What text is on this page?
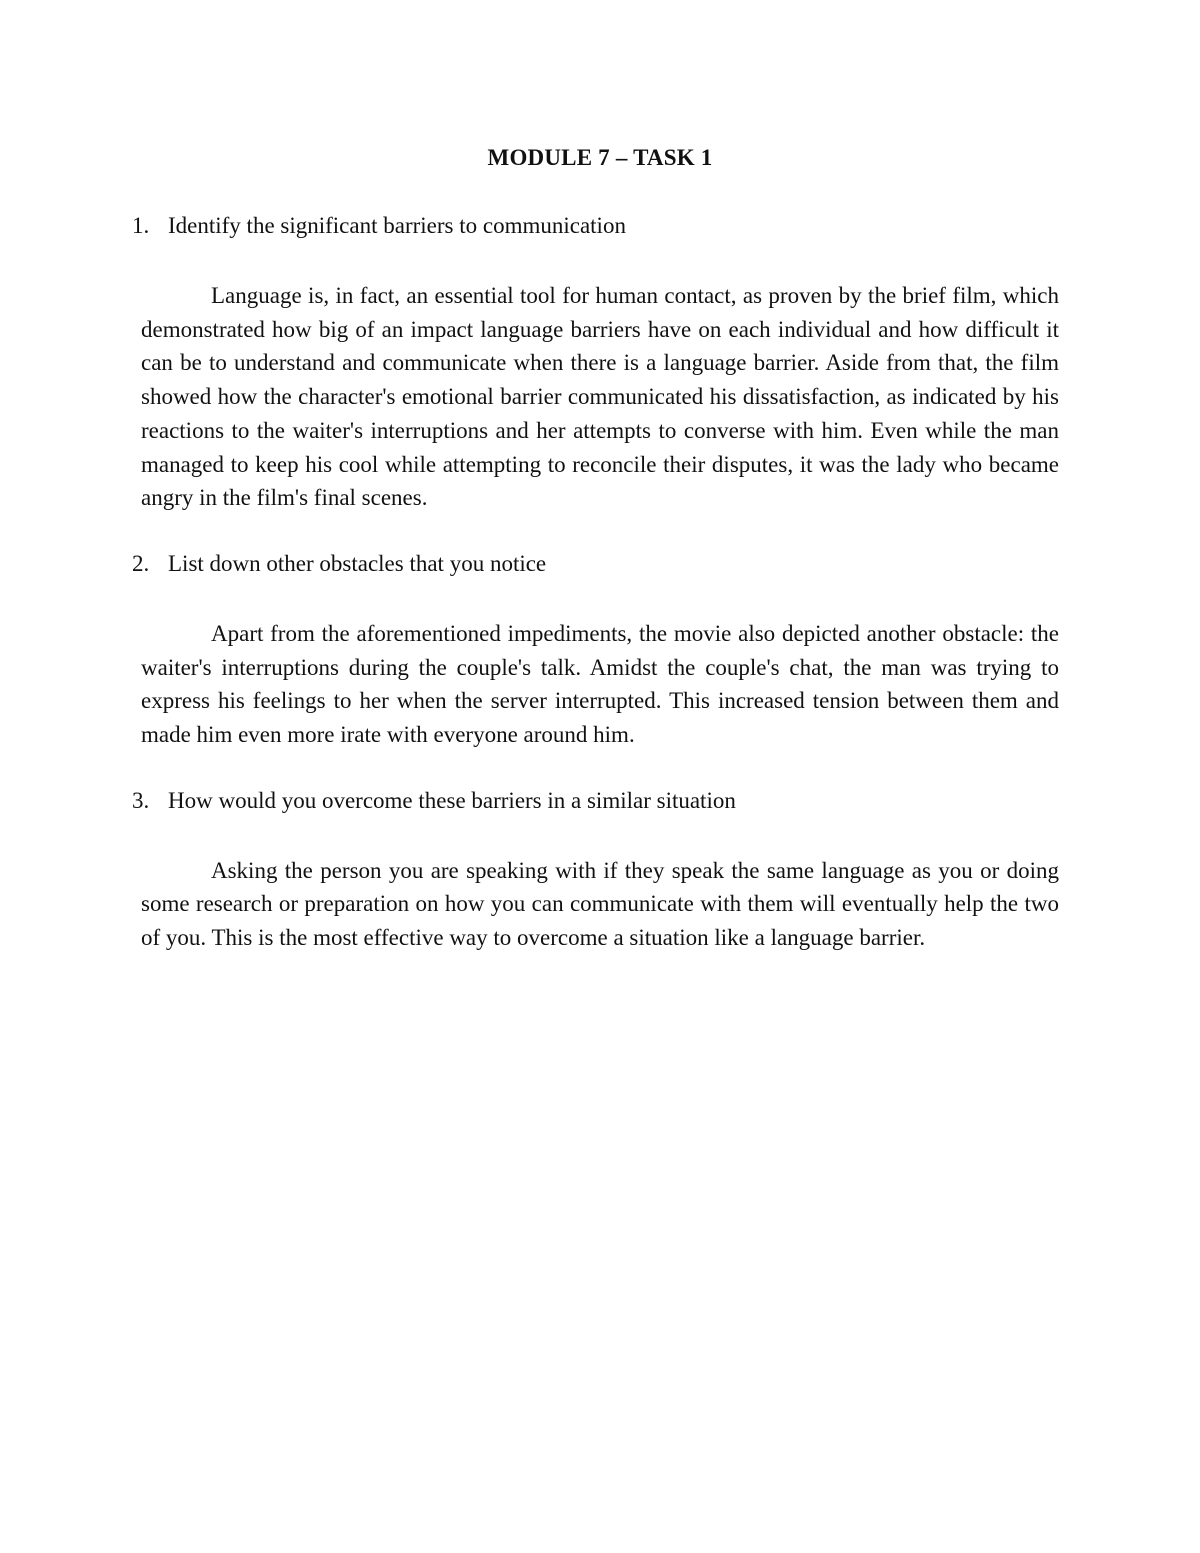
MODULE 7 – TASK 1
1. Identify the significant barriers to communication

Language is, in fact, an essential tool for human contact, as proven by the brief film, which demonstrated how big of an impact language barriers have on each individual and how difficult it can be to understand and communicate when there is a language barrier. Aside from that, the film showed how the character's emotional barrier communicated his dissatisfaction, as indicated by his reactions to the waiter's interruptions and her attempts to converse with him. Even while the man managed to keep his cool while attempting to reconcile their disputes, it was the lady who became angry in the film's final scenes.

2. List down other obstacles that you notice

Apart from the aforementioned impediments, the movie also depicted another obstacle: the waiter's interruptions during the couple's talk. Amidst the couple's chat, the man was trying to express his feelings to her when the server interrupted. This increased tension between them and made him even more irate with everyone around him.

3. How would you overcome these barriers in a similar situation

Asking the person you are speaking with if they speak the same language as you or doing some research or preparation on how you can communicate with them will eventually help the two of you. This is the most effective way to overcome a situation like a language barrier.
